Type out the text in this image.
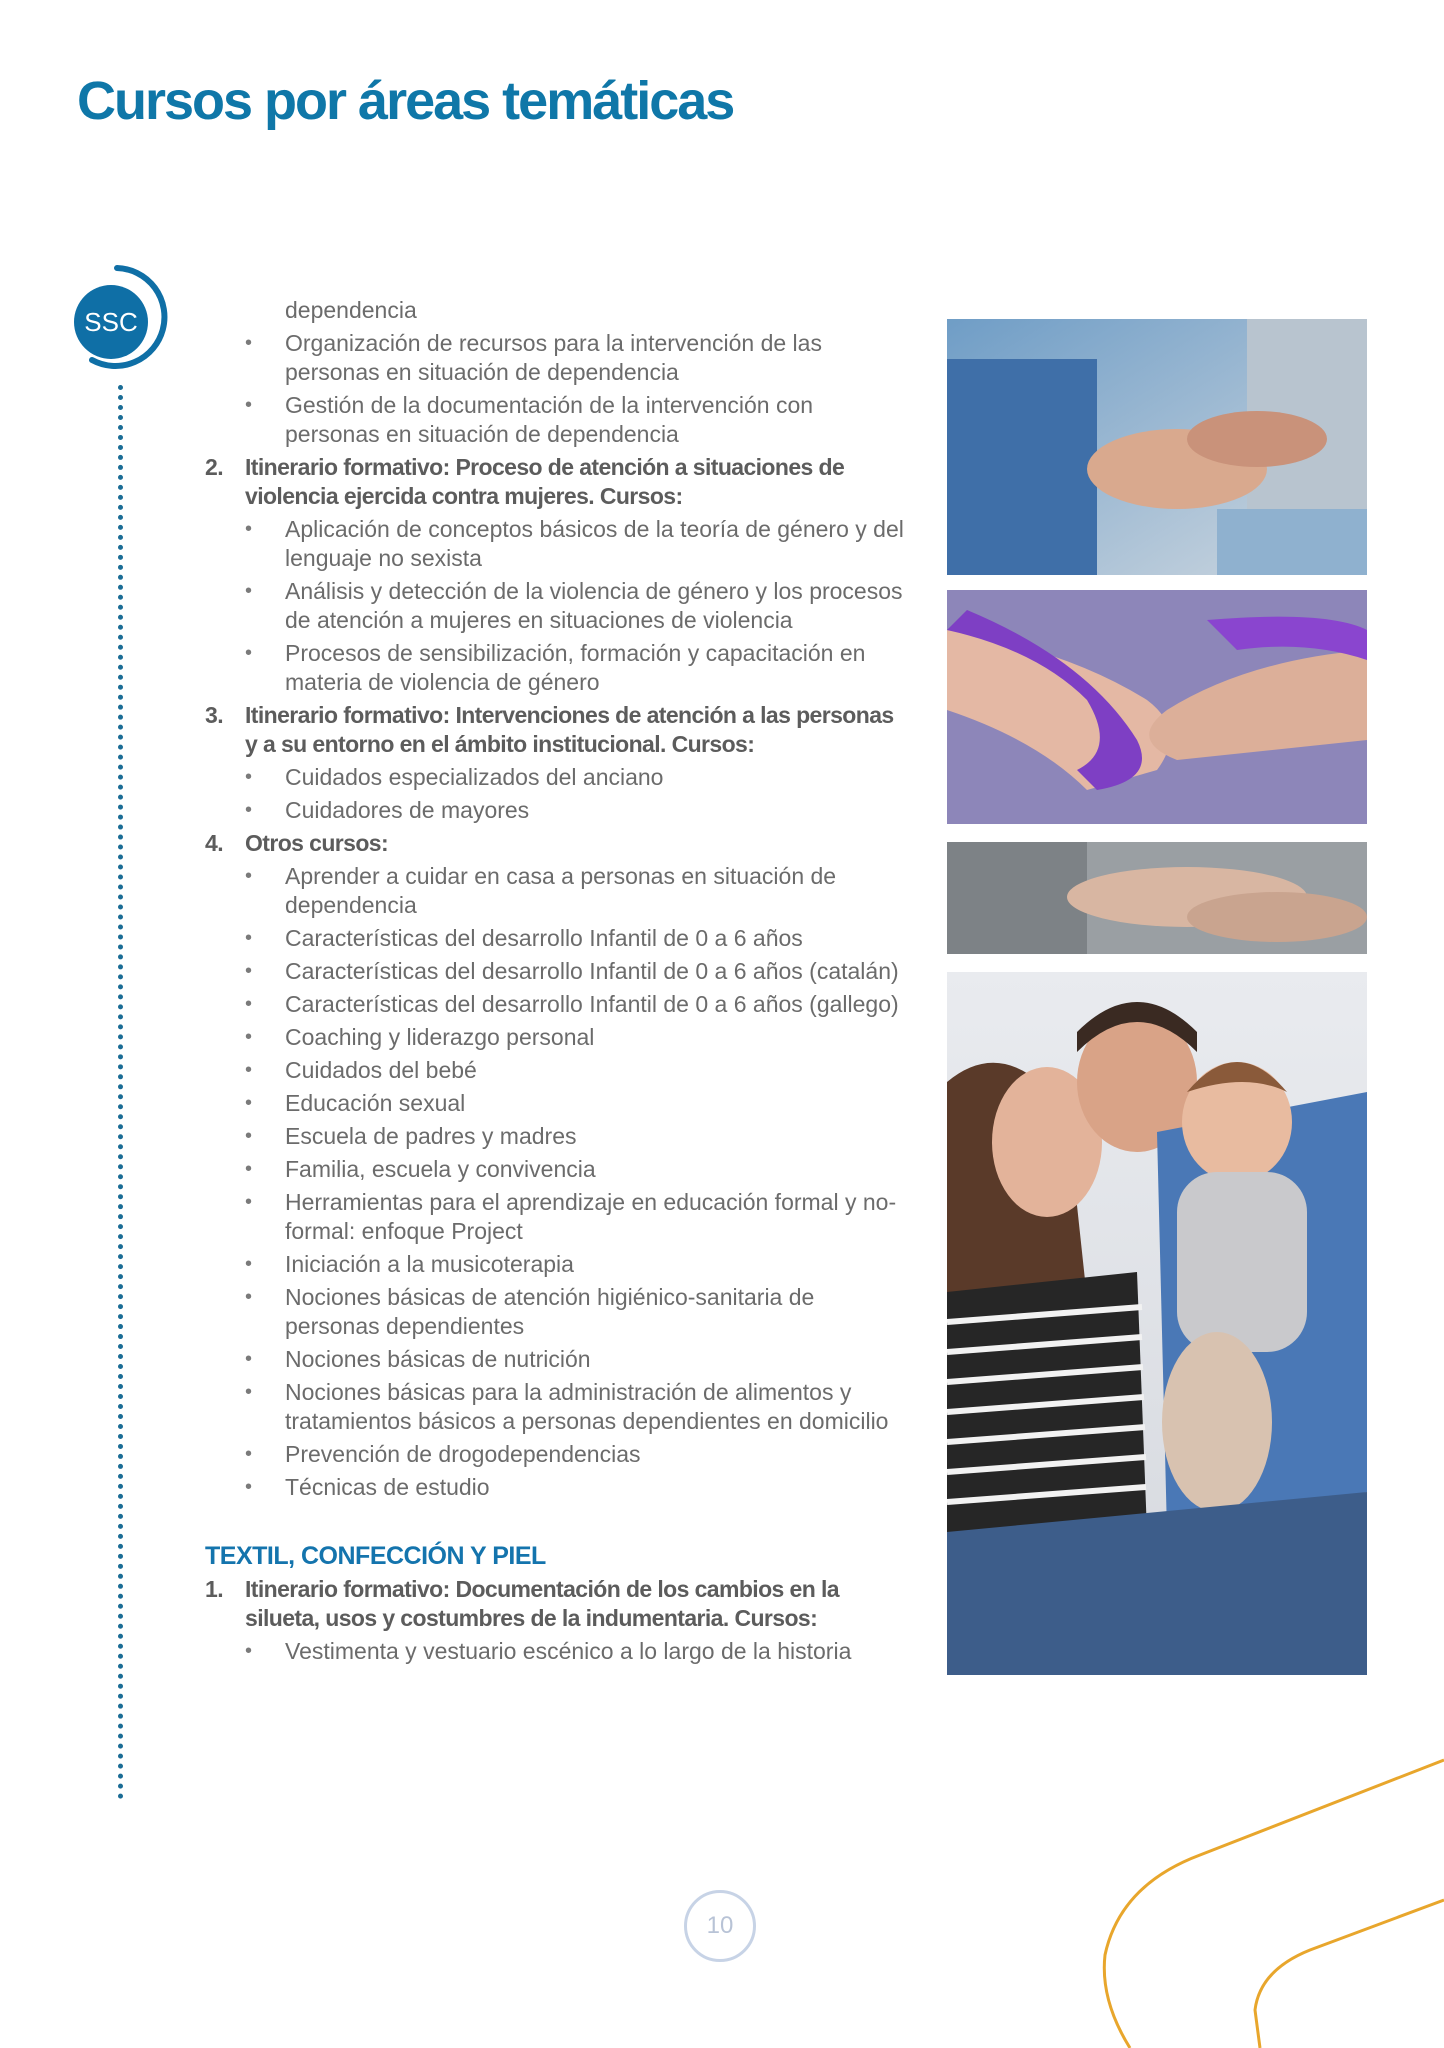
Cursos por áreas temáticas
SSC	dependencia
• Organización de recursos para la intervención de las personas en situación de dependencia
• Gestión de la documentación de la intervención con personas en situación de dependencia
2. Itinerario formativo: Proceso de atención a situaciones de violencia ejercida contra mujeres. Cursos:
• Aplicación de conceptos básicos de la teoría de género y del lenguaje no sexista
• Análisis y detección de la violencia de género y los procesos de atención a mujeres en situaciones de violencia
• Procesos de sensibilización, formación y capacitación en materia de violencia de género
3. Itinerario formativo: Intervenciones de atención a las personas y a su entorno en el ámbito institucional. Cursos:
• Cuidados especializados del anciano
• Cuidadores de mayores
4. Otros cursos:
• Aprender a cuidar en casa a personas en situación de dependencia
• Características del desarrollo Infantil de 0 a 6 años
• Características del desarrollo Infantil de 0 a 6 años (catalán)
• Características del desarrollo Infantil de 0 a 6 años (gallego)
• Coaching y liderazgo personal
• Cuidados del bebé
• Educación sexual
• Escuela de padres y madres
• Familia, escuela y convivencia
• Herramientas para el aprendizaje en educación formal y no-formal: enfoque Project
• Iniciación a la musicoterapia
• Nociones básicas de atención higiénico-sanitaria de personas dependientes
• Nociones básicas de nutrición
• Nociones básicas para la administración de alimentos y tratamientos básicos a personas dependientes en domicilio
• Prevención de drogodependencias
• Técnicas de estudio
TEXTIL, CONFECCIÓN Y PIEL
1. Itinerario formativo: Documentación de los cambios en la silueta, usos y costumbres de la indumentaria. Cursos:
• Vestimenta y vestuario escénico a lo largo de la historia
10
